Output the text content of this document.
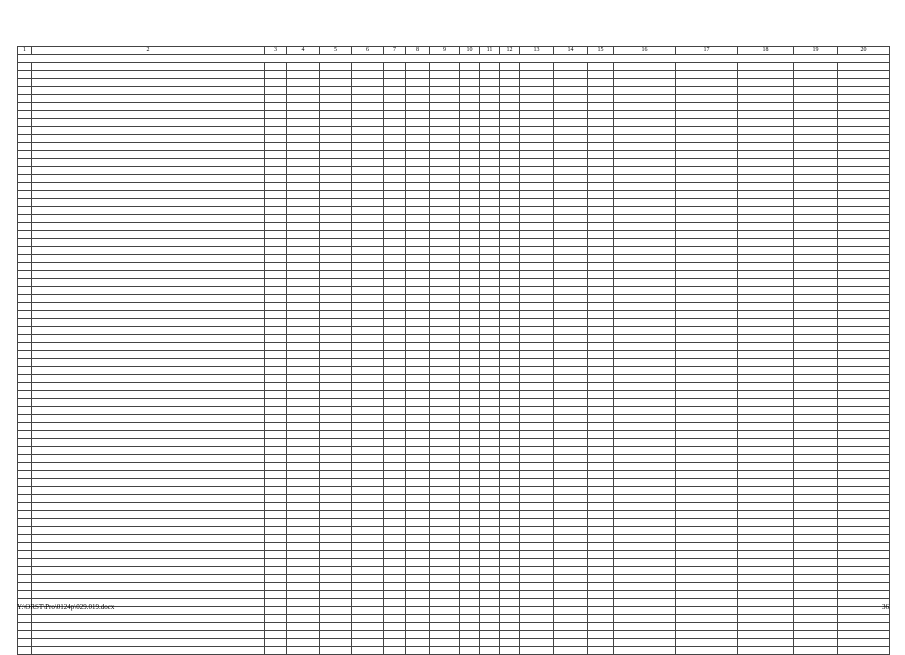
1	2	3	4	5	6	7	8	9	10	11	12	13	14	15	16	17	18	19	20

Y:\ORST\Pro\0124p\029.019.docx	36
